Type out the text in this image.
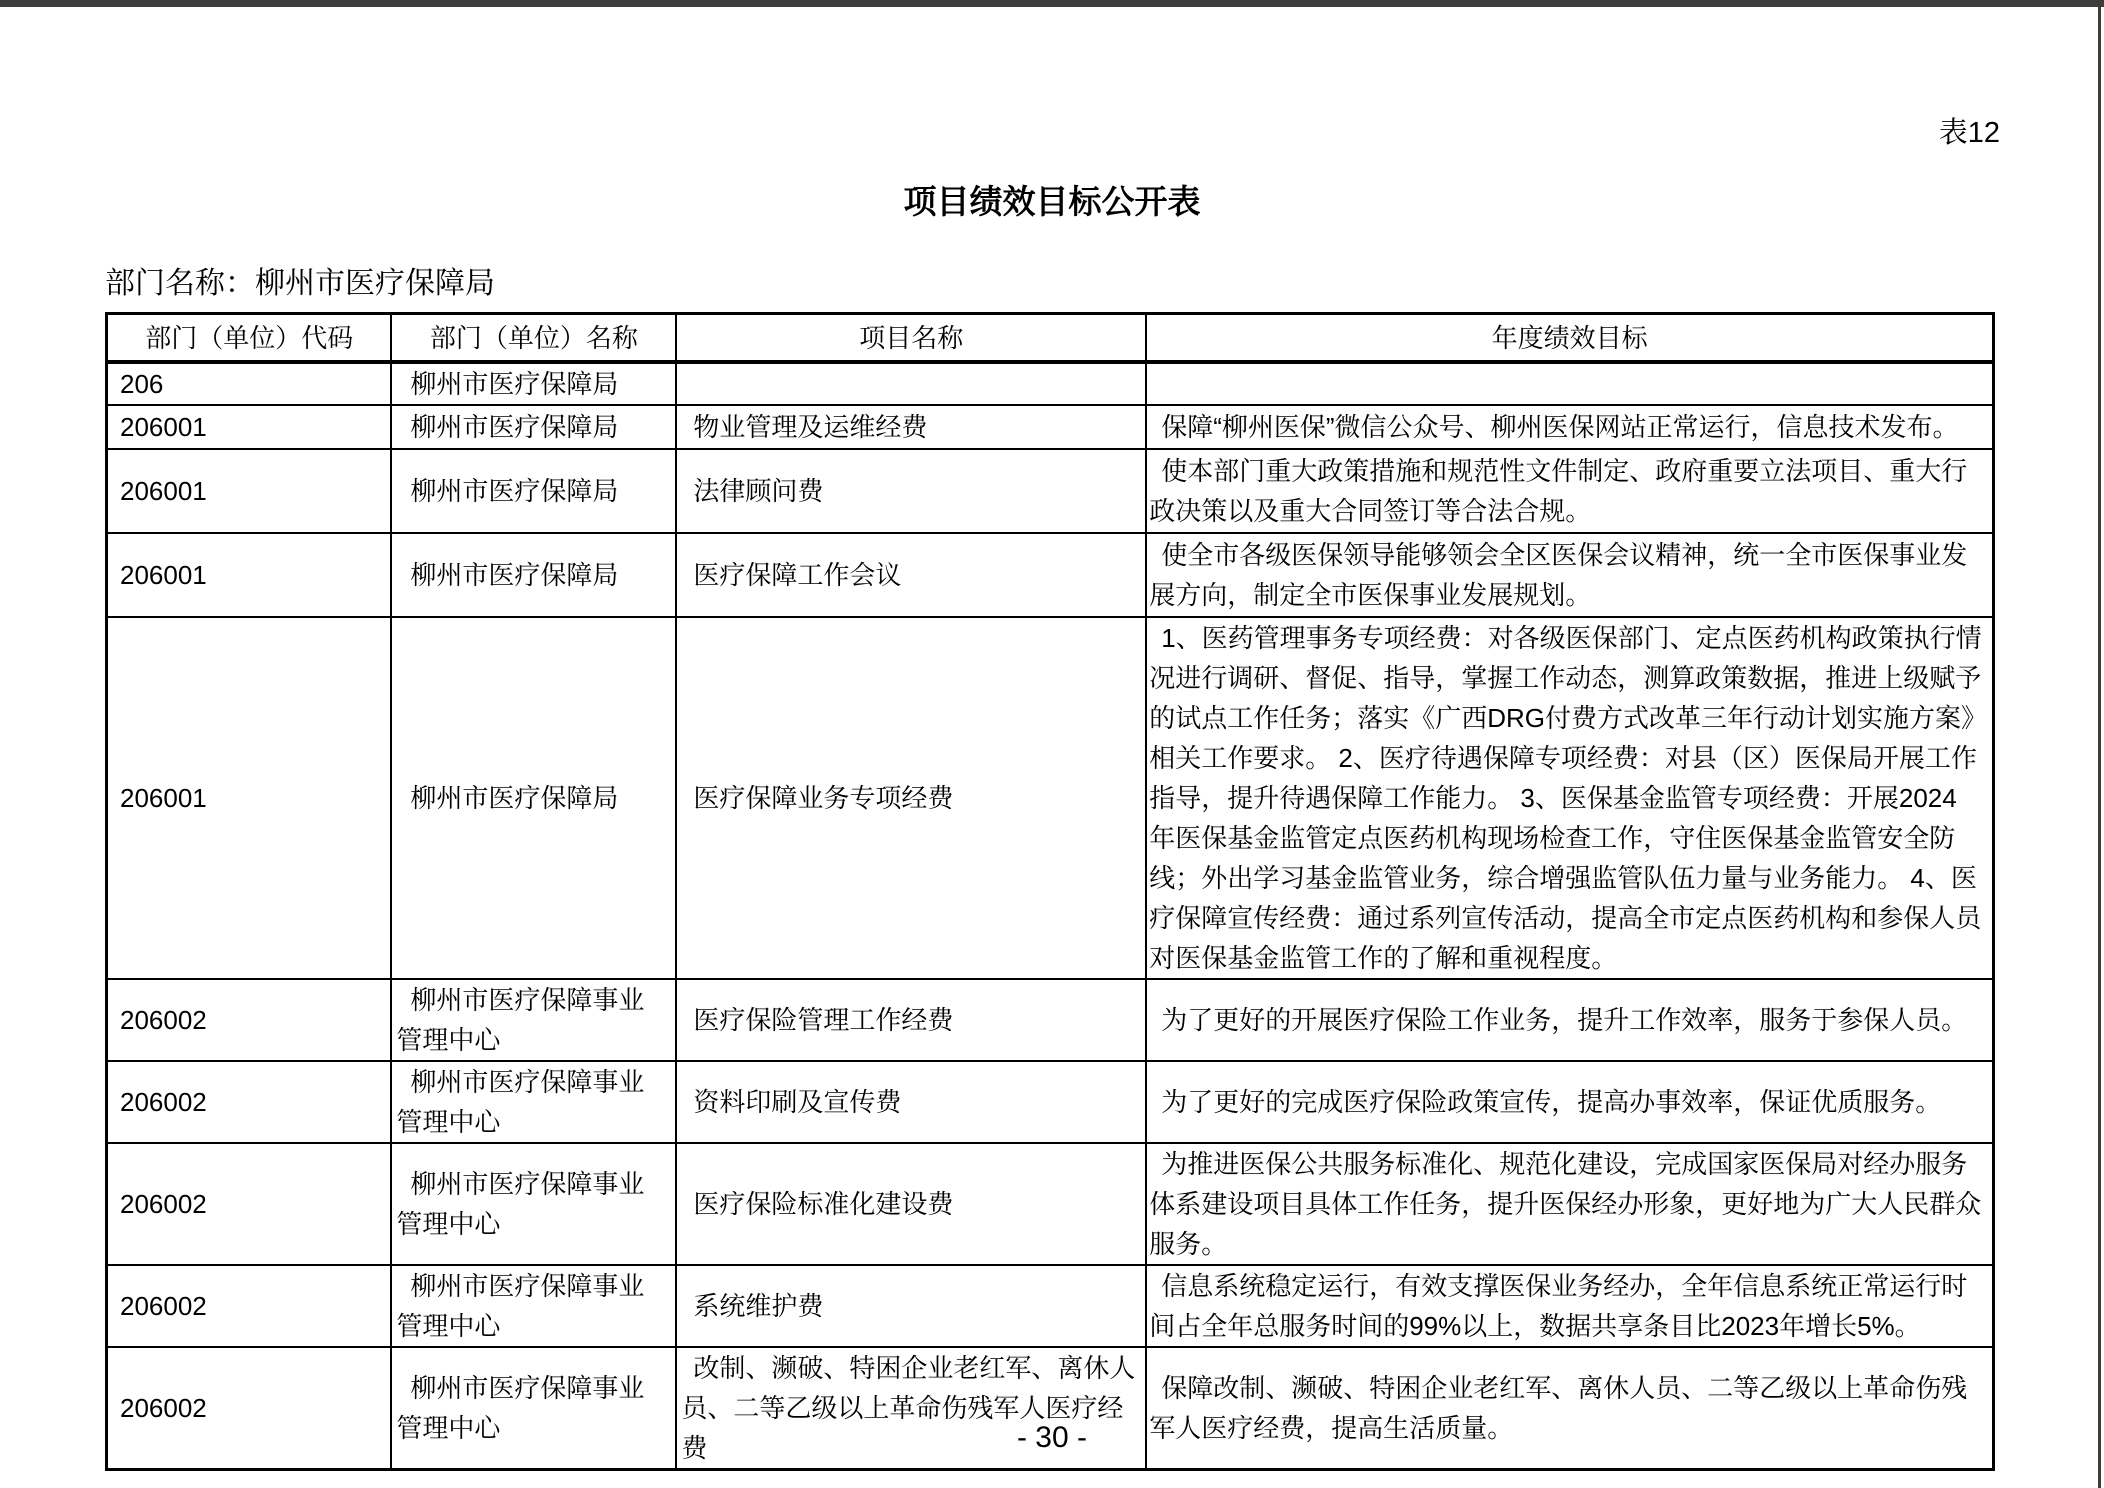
表12
项目绩效目标公开表
部门名称：柳州市医疗保障局
部门（单位）代码	部门（单位）名称	项目名称	年度绩效目标
206	柳州市医疗保障局		
206001	柳州市医疗保障局	物业管理及运维经费	保障“柳州医保”微信公众号、柳州医保网站正常运行，信息技术发布。
206001	柳州市医疗保障局	法律顾问费	使本部门重大政策措施和规范性文件制定、政府重要立法项目、重大行政决策以及重大合同签订等合法合规。
206001	柳州市医疗保障局	医疗保障工作会议	使全市各级医保领导能够领会全区医保会议精神，统一全市医保事业发展方向，制定全市医保事业发展规划。
206001	柳州市医疗保障局	医疗保障业务专项经费	1、医药管理事务专项经费：对各级医保部门、定点医药机构政策执行情况进行调研、督促、指导，掌握工作动态，测算政策数据，推进上级赋予的试点工作任务；落实《广西DRG付费方式改革三年行动计划实施方案》相关工作要求。 2、医疗待遇保障专项经费：对县（区）医保局开展工作指导，提升待遇保障工作能力。 3、医保基金监管专项经费：开展2024年医保基金监管定点医药机构现场检查工作，守住医保基金监管安全防线；外出学习基金监管业务，综合增强监管队伍力量与业务能力。 4、医疗保障宣传经费：通过系列宣传活动，提高全市定点医药机构和参保人员对医保基金监管工作的了解和重视程度。
206002	柳州市医疗保障事业管理中心	医疗保险管理工作经费	为了更好的开展医疗保险工作业务，提升工作效率，服务于参保人员。
206002	柳州市医疗保障事业管理中心	资料印刷及宣传费	为了更好的完成医疗保险政策宣传，提高办事效率，保证优质服务。
206002	柳州市医疗保障事业管理中心	医疗保险标准化建设费	为推进医保公共服务标准化、规范化建设，完成国家医保局对经办服务体系建设项目具体工作任务，提升医保经办形象，更好地为广大人民群众服务。
206002	柳州市医疗保障事业管理中心	系统维护费	信息系统稳定运行，有效支撑医保业务经办，全年信息系统正常运行时间占全年总服务时间的99%以上，数据共享条目比2023年增长5%。
206002	柳州市医疗保障事业管理中心	改制、濒破、特困企业老红军、离休人员、二等乙级以上革命伤残军人医疗经费	保障改制、濒破、特困企业老红军、离休人员、二等乙级以上革命伤残军人医疗经费，提高生活质量。
- 30 -
